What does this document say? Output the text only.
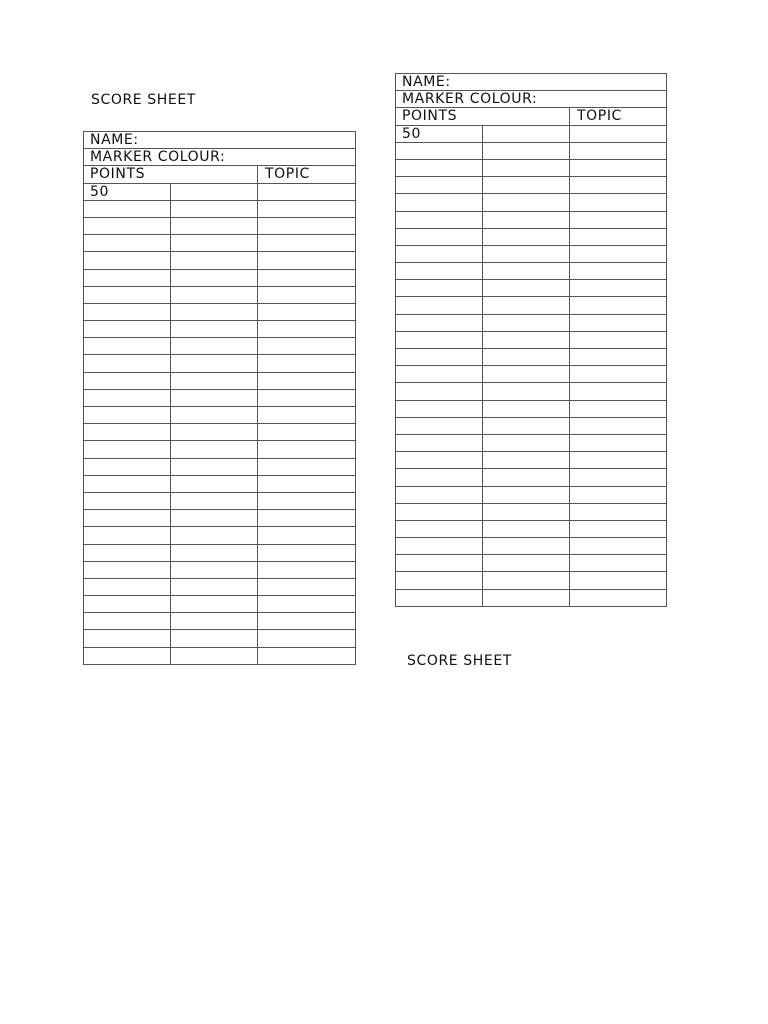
SCORE SHEET
NAME:
MARKER COLOUR:
POINTS	TOPIC
50
NAME:
MARKER COLOUR:
POINTS	TOPIC
50
SCORE SHEET
